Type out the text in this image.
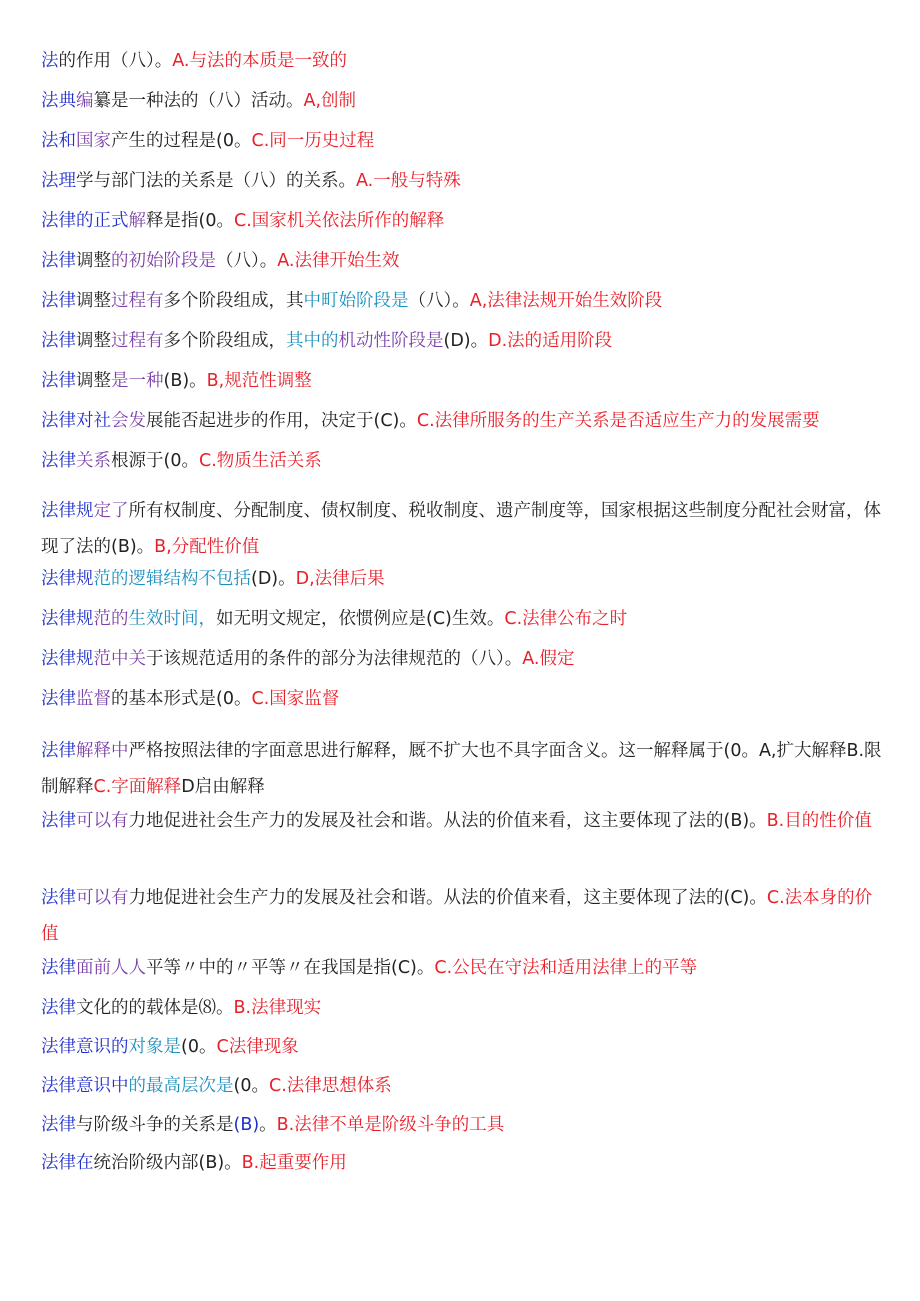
法的作用（八）。A.与法的本质是一致的
法典编纂是一种法的（八）活动。A,创制
法和国家产生的过程是(0。C.同一历史过程
法理学与部门法的关系是（八）的关系。A.一般与特殊
法律的正式解释是指(0。C.国家机关依法所作的解释
法律调整的初始阶段是（八）。A.法律开始生效
法律调整过程有多个阶段组成，其中町始阶段是（八）。A,法律法规开始生效阶段
法律调整过程有多个阶段组成，其中的机动性阶段是(D)。D.法的适用阶段
法律调整是一种(B)。B,规范性调整
法律对社会发展能否起进步的作用，决定于(C)。C.法律所服务的生产关系是否适应生产力的发展需要
法律关系根源于(0。C.物质生活关系
法律规定了所有权制度、分配制度、债权制度、税收制度、遗产制度等，国家根据这些制度分配社会财富，体现了法的(B)。B,分配性价值
法律规范的逻辑结构不包括(D)。D,法律后果
法律规范的生效时间，如无明文规定，依惯例应是(C)生效。C.法律公布之时
法律规范中关于该规范适用的条件的部分为法律规范的（八）。A.假定
法律监督的基本形式是(0。C.国家监督
法律解释中严格按照法律的字面意思进行解释，厩不扩大也不具字面含义。这一解释属于(0。A,扩大解释B.限制解释C.字面解释D启由解释
法律可以有力地促进社会生产力的发展及社会和谐。从法的价值来看，这主要体现了法的(B)。B.目的性价值
法律可以有力地促进社会生产力的发展及社会和谐。从法的价值来看，这主要体现了法的(C)。C.法本身的价值
法律面前人人平等〃中的〃平等〃在我国是指(C)。C.公民在守法和适用法律上的平等
法律文化的的载体是⑻。B.法律现实
法律意识的对象是(0。C法律现象
法律意识中的最高层次是(0。C.法律思想体系
法律与阶级斗争的关系是(B)。B.法律不单是阶级斗争的工具
法律在统治阶级内部(B)。B.起重要作用
